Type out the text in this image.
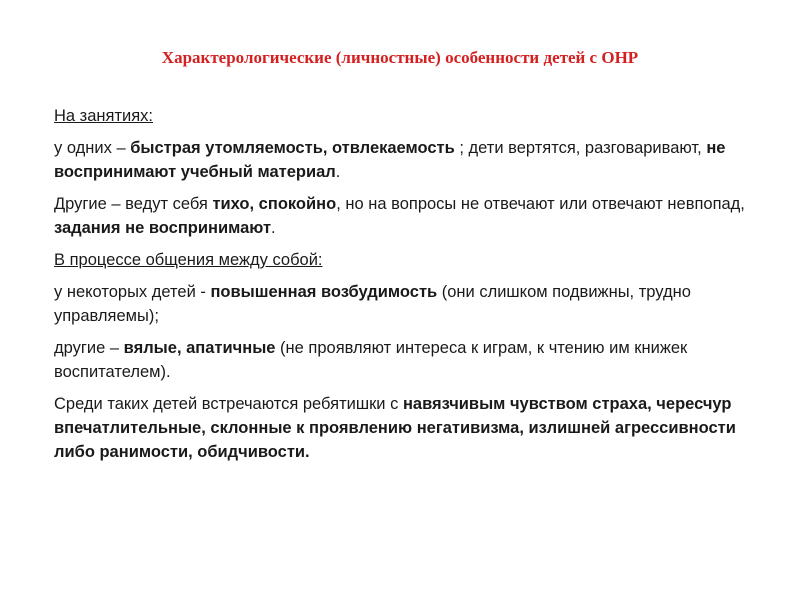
Характерологические (личностные) особенности детей с ОНР
На занятиях:

у одних – быстрая утомляемость, отвлекаемость ; дети вертятся, разговаривают, не воспринимают учебный материал.

Другие – ведут себя тихо, спокойно, но на вопросы не отвечают или отвечают невпопад, задания не воспринимают.

В процессе общения между собой:

у некоторых детей - повышенная возбудимость (они слишком подвижны, трудно управляемы);

другие – вялые, апатичные (не проявляют интереса к играм, к чтению им книжек воспитателем).

Среди таких детей встречаются ребятишки с навязчивым чувством страха, чересчур впечатлительные, склонные к проявлению негативизма, излишней агрессивности либо ранимости, обидчивости.
